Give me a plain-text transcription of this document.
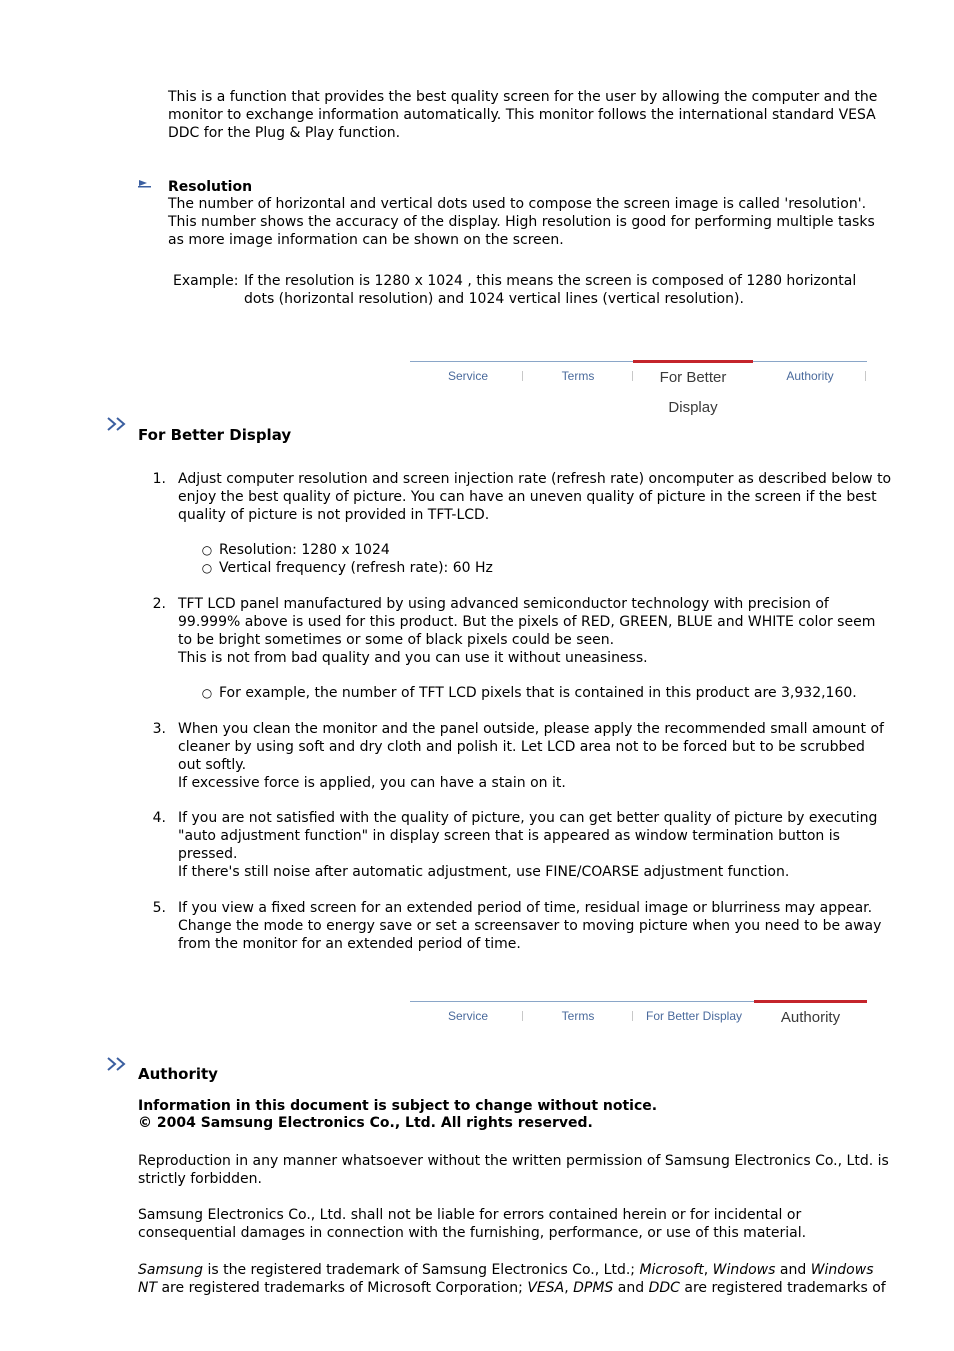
This is a function that provides the best quality screen for the user by allowing the computer and the

monitor to exchange information automatically. This monitor follows the international standard VESA

DDC for the Plug & Play function.

Resolution

The number of horizontal and vertical dots used to compose the screen image is called 'resolution'.

This number shows the accuracy of the display. High resolution is good for performing multiple tasks

as more image information can be shown on the screen.

Example: If the resolution is 1280 x 1024 , this means the screen is composed of 1280 horizontal

dots (horizontal resolution) and 1024 vertical lines (vertical resolution).

Service	Terms	For Better Display
Authority

For Better Display

1. Adjust computer resolution and screen injection rate (refresh rate) oncomputer as described below to

enjoy the best quality of picture. You can have an uneven quality of picture in the screen if the best

quality of picture is not provided in TFT-LCD.

○ Resolution: 1280 x 1024

○ Vertical frequency (refresh rate): 60 Hz

2. TFT LCD panel manufactured by using advanced semiconductor technology with precision of

99.999% above is used for this product. But the pixels of RED, GREEN, BLUE and WHITE color seem

to be bright sometimes or some of black pixels could be seen.

This is not from bad quality and you can use it without uneasiness.

○ For example, the number of TFT LCD pixels that is contained in this product are 3,932,160.

3. When you clean the monitor and the panel outside, please apply the recommended small amount of

cleaner by using soft and dry cloth and polish it. Let LCD area not to be forced but to be scrubbed

out softly.

If excessive force is applied, you can have a stain on it.

4. If you are not satisfied with the quality of picture, you can get better quality of picture by executing

"auto adjustment function" in display screen that is appeared as window termination button is

pressed.

If there's still noise after automatic adjustment, use FINE/COARSE adjustment function.

5. If you view a fixed screen for an extended period of time, residual image or blurriness may appear.

Change the mode to energy save or set a screensaver to moving picture when you need to be away

from the monitor for an extended period of time.

Service	Terms	For Better Display	Authority

Authority

Information in this document is subject to change without notice.

© 2004 Samsung Electronics Co., Ltd. All rights reserved.

Reproduction in any manner whatsoever without the written permission of Samsung Electronics Co., Ltd. is

strictly forbidden.

Samsung Electronics Co., Ltd. shall not be liable for errors contained herein or for incidental or

consequential damages in connection with the furnishing, performance, or use of this material.

Samsung is the registered trademark of Samsung Electronics Co., Ltd.; Microsoft, Windows and Windows

NT are registered trademarks of Microsoft Corporation; VESA, DPMS and DDC are registered trademarks of
